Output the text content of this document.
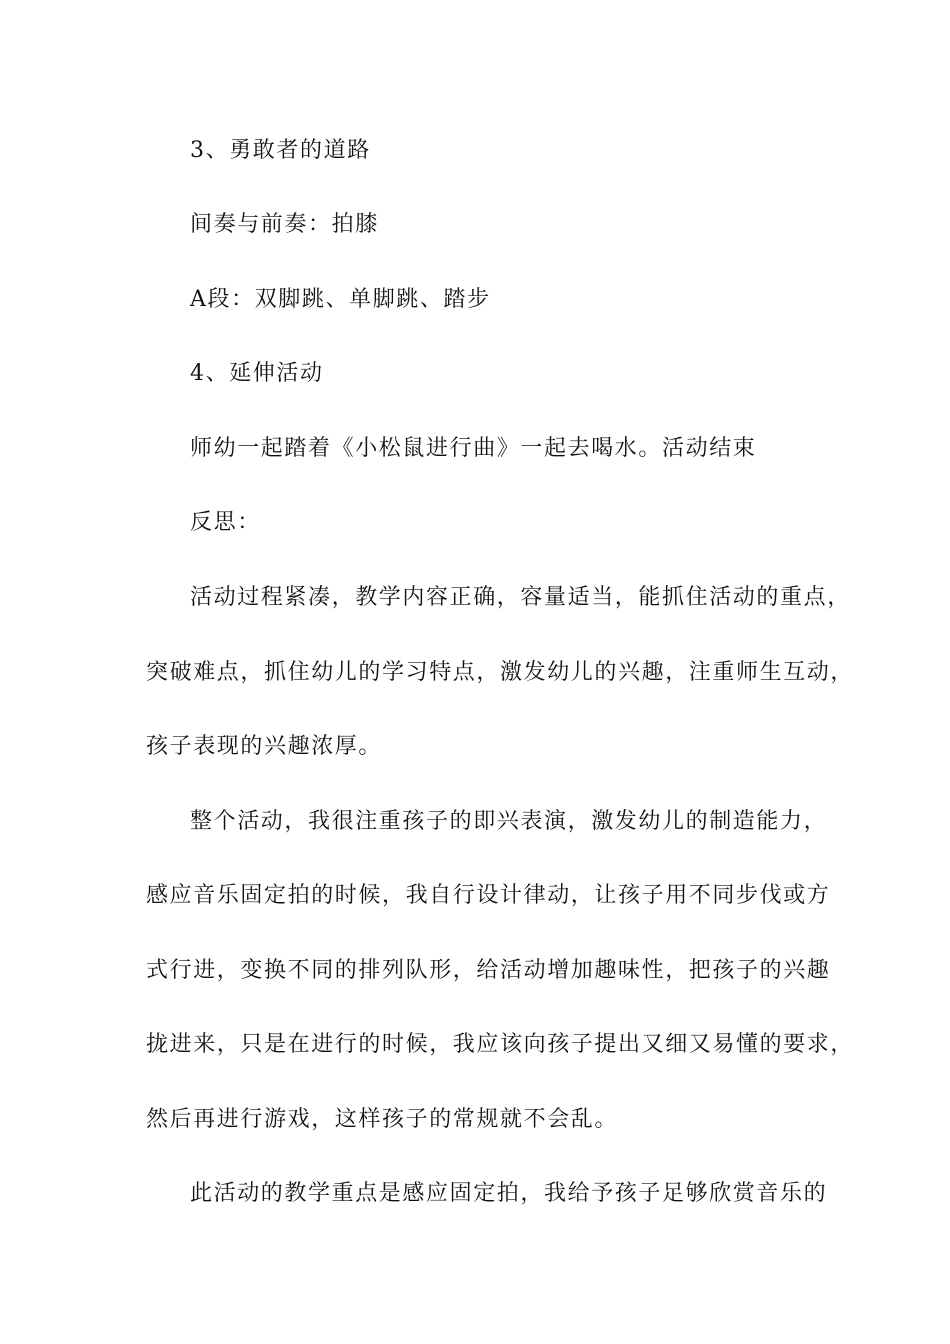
3、勇敢者的道路
间奏与前奏：拍膝
A段：双脚跳、单脚跳、踏步
4、延伸活动
师幼一起踏着《小松鼠进行曲》一起去喝水。活动结束
反思：
活动过程紧凑，教学内容正确，容量适当，能抓住活动的重点，
突破难点，抓住幼儿的学习特点，激发幼儿的兴趣，注重师生互动，
孩子表现的兴趣浓厚。
整个活动，我很注重孩子的即兴表演，激发幼儿的制造能力，
感应音乐固定拍的时候，我自行设计律动，让孩子用不同步伐或方
式行进，变换不同的排列队形，给活动增加趣味性，把孩子的兴趣
拢进来，只是在进行的时候，我应该向孩子提出又细又易懂的要求，
然后再进行游戏，这样孩子的常规就不会乱。
此活动的教学重点是感应固定拍，我给予孩子足够欣赏音乐的
